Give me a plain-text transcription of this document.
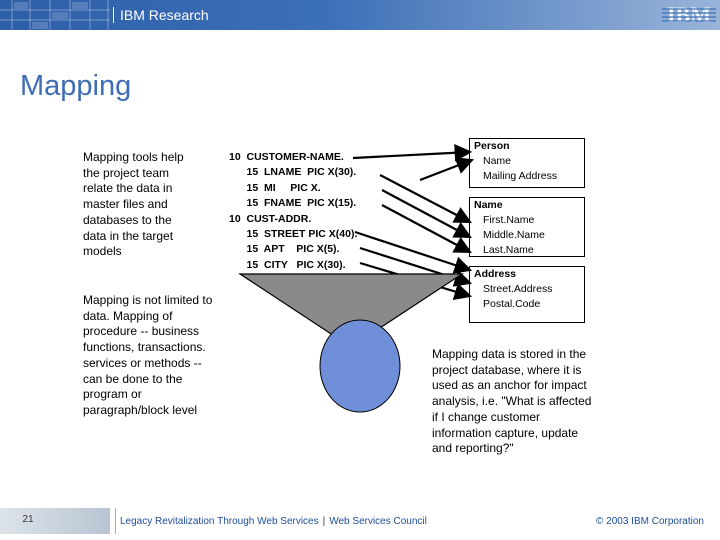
IBM Research	IBM
Mapping
Mapping tools help
the project team
relate the data in
master files and
databases to the
data in the target
models
Mapping is not limited to
data. Mapping of
procedure -- business
functions, transactions.
services or methods --
can be done to the
program or
paragraph/block level
10  CUSTOMER-NAME.
15  LNAME  PIC X(30).
15  MI     PIC X.
15  FNAME  PIC X(15).
10  CUST-ADDR.
15  STREET PIC X(40).
15  APT    PIC X(5).
15  CITY   PIC X(30).
Person
Name
Mailing Address
Name
First.Name
Middle.Name
Last.Name
Address
Street.Address
Postal.Code
Mapping data is stored in the
project database, where it is
used as an anchor for impact
analysis, i.e. "What is affected
if I change customer
information capture, update
and reporting?"
21	Legacy Revitalization Through Web Services | Web Services Council	© 2003 IBM Corporation
